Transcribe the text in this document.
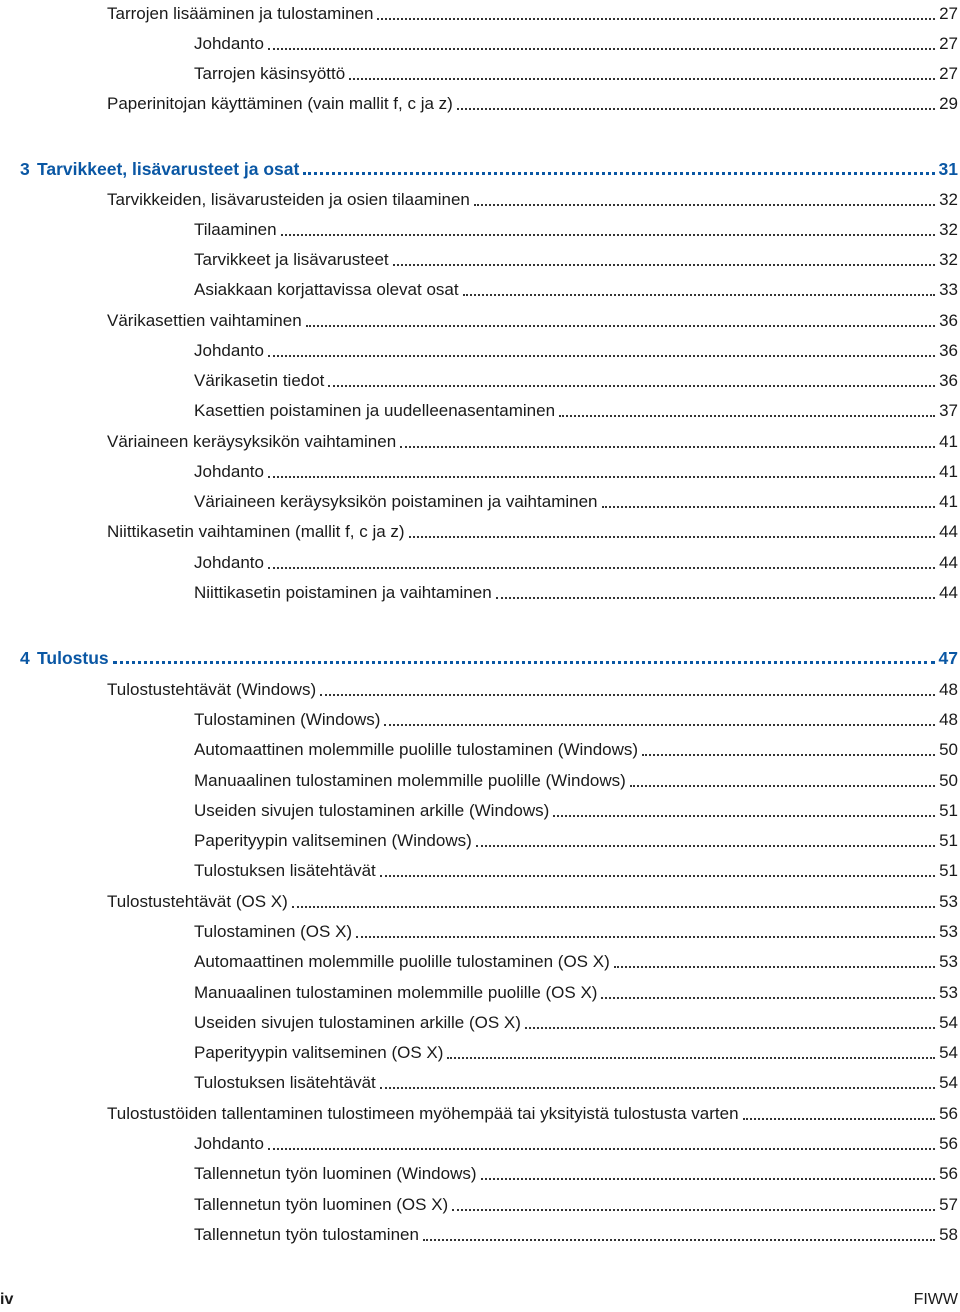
Tarrojen lisääminen ja tulostaminen	27
Johdanto	27
Tarrojen käsinsyöttö	27
Paperinitojan käyttäminen (vain mallit f, c ja z)	29
3 Tarvikkeet, lisävarusteet ja osat	31
Tarvikkeiden, lisävarusteiden ja osien tilaaminen	32
Tilaaminen	32
Tarvikkeet ja lisävarusteet	32
Asiakkaan korjattavissa olevat osat	33
Värikasettien vaihtaminen	36
Johdanto	36
Värikasetin tiedot	36
Kasettien poistaminen ja uudelleenasentaminen	37
Väriaineen keräysyksikön vaihtaminen	41
Johdanto	41
Väriaineen keräysyksikön poistaminen ja vaihtaminen	41
Niittikasetin vaihtaminen (mallit f, c ja z)	44
Johdanto	44
Niittikasetin poistaminen ja vaihtaminen	44
4 Tulostus	47
Tulostustehtävät (Windows)	48
Tulostaminen (Windows)	48
Automaattinen molemmille puolille tulostaminen (Windows)	50
Manuaalinen tulostaminen molemmille puolille (Windows)	50
Useiden sivujen tulostaminen arkille (Windows)	51
Paperityypin valitseminen (Windows)	51
Tulostuksen lisätehtävät	51
Tulostustehtävät (OS X)	53
Tulostaminen (OS X)	53
Automaattinen molemmille puolille tulostaminen (OS X)	53
Manuaalinen tulostaminen molemmille puolille (OS X)	53
Useiden sivujen tulostaminen arkille (OS X)	54
Paperityypin valitseminen (OS X)	54
Tulostuksen lisätehtävät	54
Tulostustöiden tallentaminen tulostimeen myöhempää tai yksityistä tulostusta varten	56
Johdanto	56
Tallennetun työn luominen (Windows)	56
Tallennetun työn luominen (OS X)	57
Tallennetun työn tulostaminen	58
iv	FIWW
